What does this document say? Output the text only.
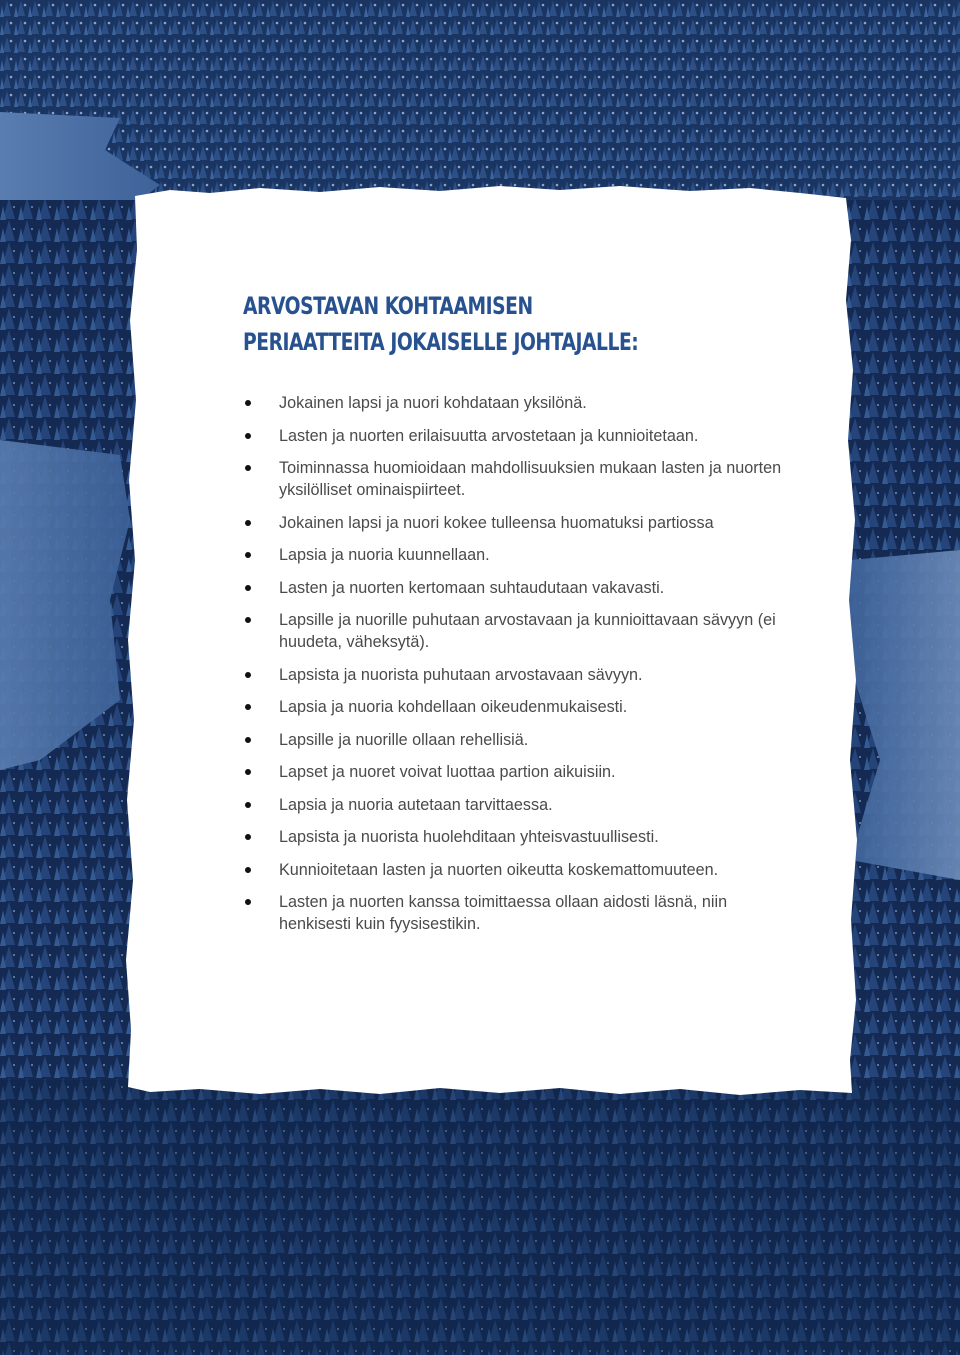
ARVOSTAVAN KOHTAAMISEN
PERIAATTEITA JOKAISELLE JOHTAJALLE:
Jokainen lapsi ja nuori kohdataan yksilönä.
Lasten ja nuorten erilaisuutta arvostetaan ja kunnioitetaan.
Toiminnassa huomioidaan mahdollisuuksien mukaan lasten ja nuorten yksilölliset ominaispiirteet.
Jokainen lapsi ja nuori kokee tulleensa huomatuksi partiossa
Lapsia ja nuoria kuunnellaan.
Lasten ja nuorten kertomaan suhtaudutaan vakavasti.
Lapsille ja nuorille puhutaan arvostavaan ja kunnioittavaan sävyyn (ei huudeta, väheksytä).
Lapsista ja nuorista puhutaan arvostavaan sävyyn.
Lapsia ja nuoria kohdellaan oikeudenmukaisesti.
Lapsille ja nuorille ollaan rehellisiä.
Lapset ja nuoret voivat luottaa partion aikuisiin.
Lapsia ja nuoria autetaan tarvittaessa.
Lapsista ja nuorista huolehditaan yhteisvastuullisesti.
Kunnioitetaan lasten ja nuorten oikeutta koskemattomuuteen.
Lasten ja nuorten kanssa toimittaessa ollaan aidosti läsnä, niin henkisesti kuin fyysisestikin.
